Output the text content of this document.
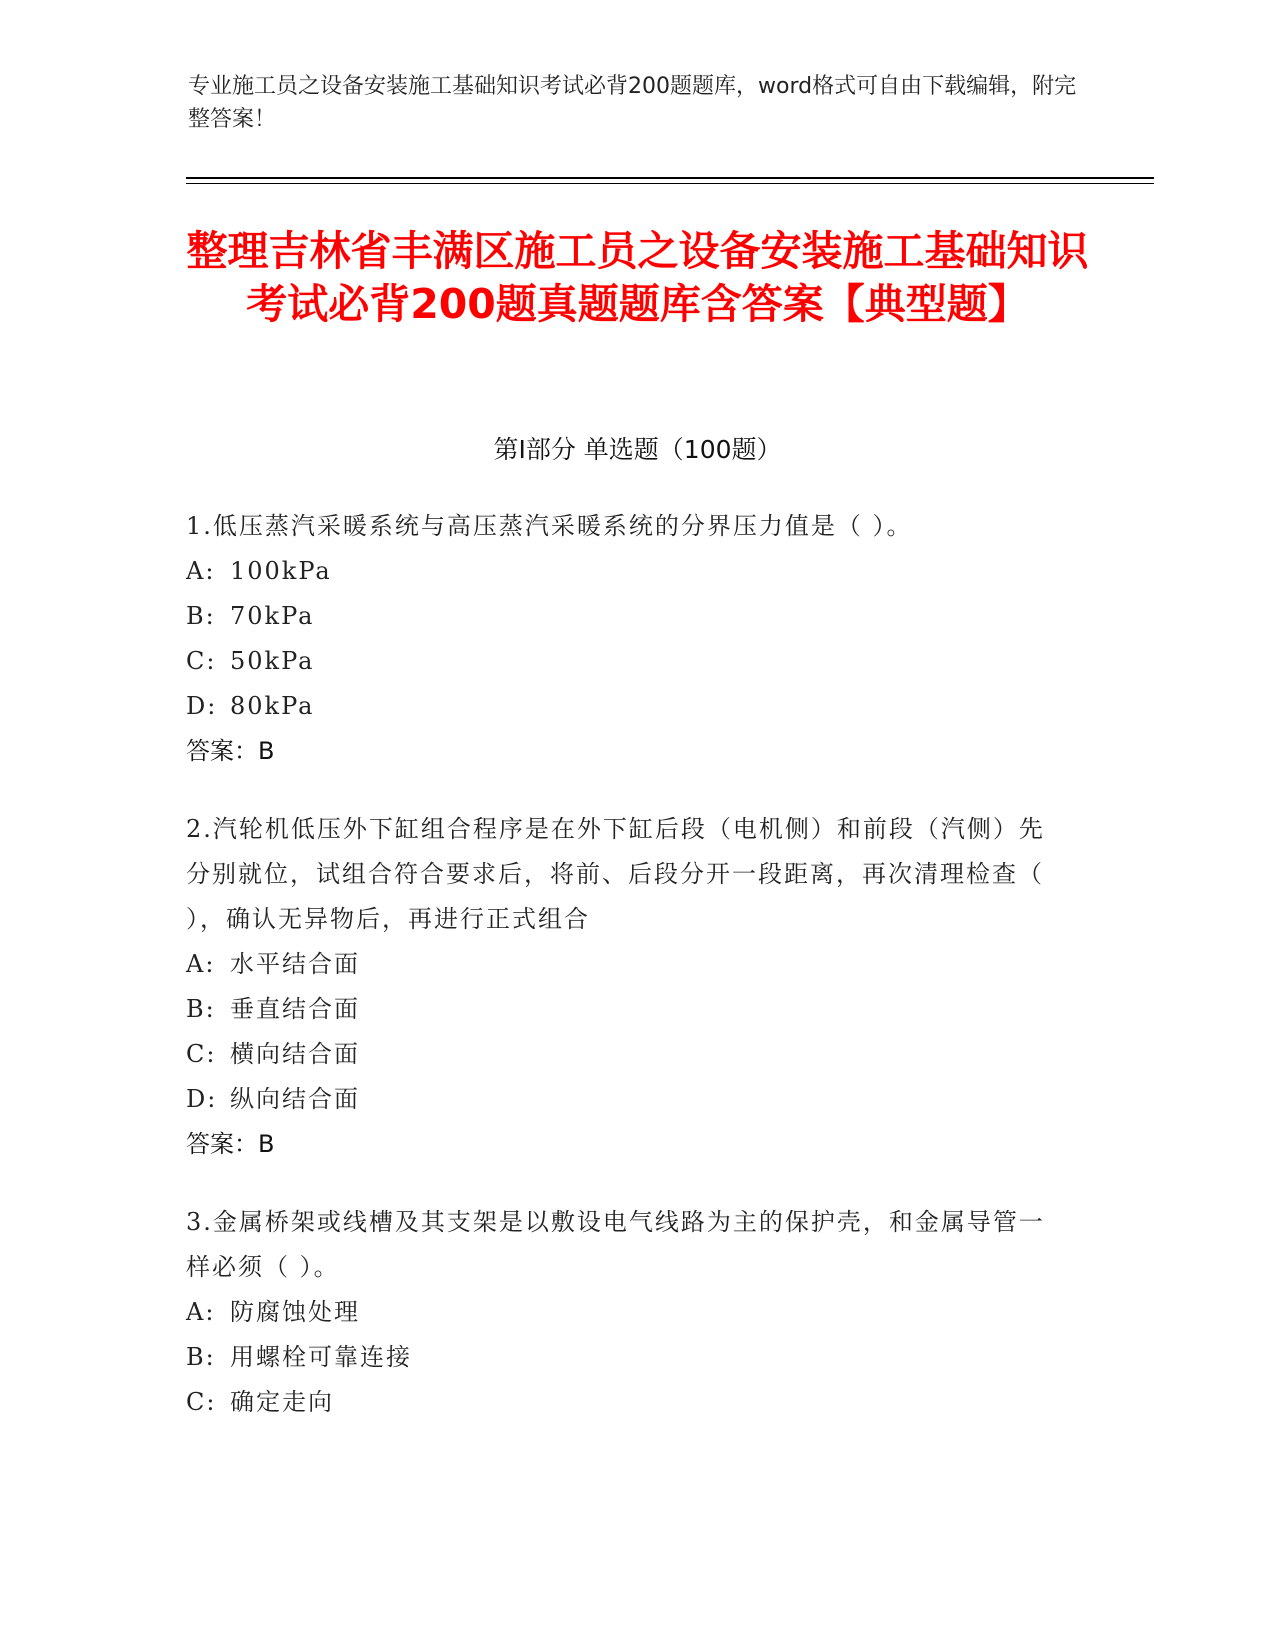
专业施工员之设备安装施工基础知识考试必背200题题库，word格式可自由下载编辑，附完整答案！
整理吉林省丰满区施工员之设备安装施工基础知识考试必背200题真题题库含答案【典型题】
第I部分 单选题（100题）
1.低压蒸汽采暖系统与高压蒸汽采暖系统的分界压力值是（ ）。
A: 100kPa
B: 70kPa
C: 50kPa
D: 80kPa
答案：B
2.汽轮机低压外下缸组合程序是在外下缸后段（电机侧）和前段（汽侧）先分别就位，试组合符合要求后，将前、后段分开一段距离，再次清理检查（ ），确认无异物后，再进行正式组合
A: 水平结合面
B: 垂直结合面
C: 横向结合面
D: 纵向结合面
答案：B
3.金属桥架或线槽及其支架是以敷设电气线路为主的保护壳，和金属导管一样必须（ ）。
A: 防腐蚀处理
B: 用螺栓可靠连接
C: 确定走向
